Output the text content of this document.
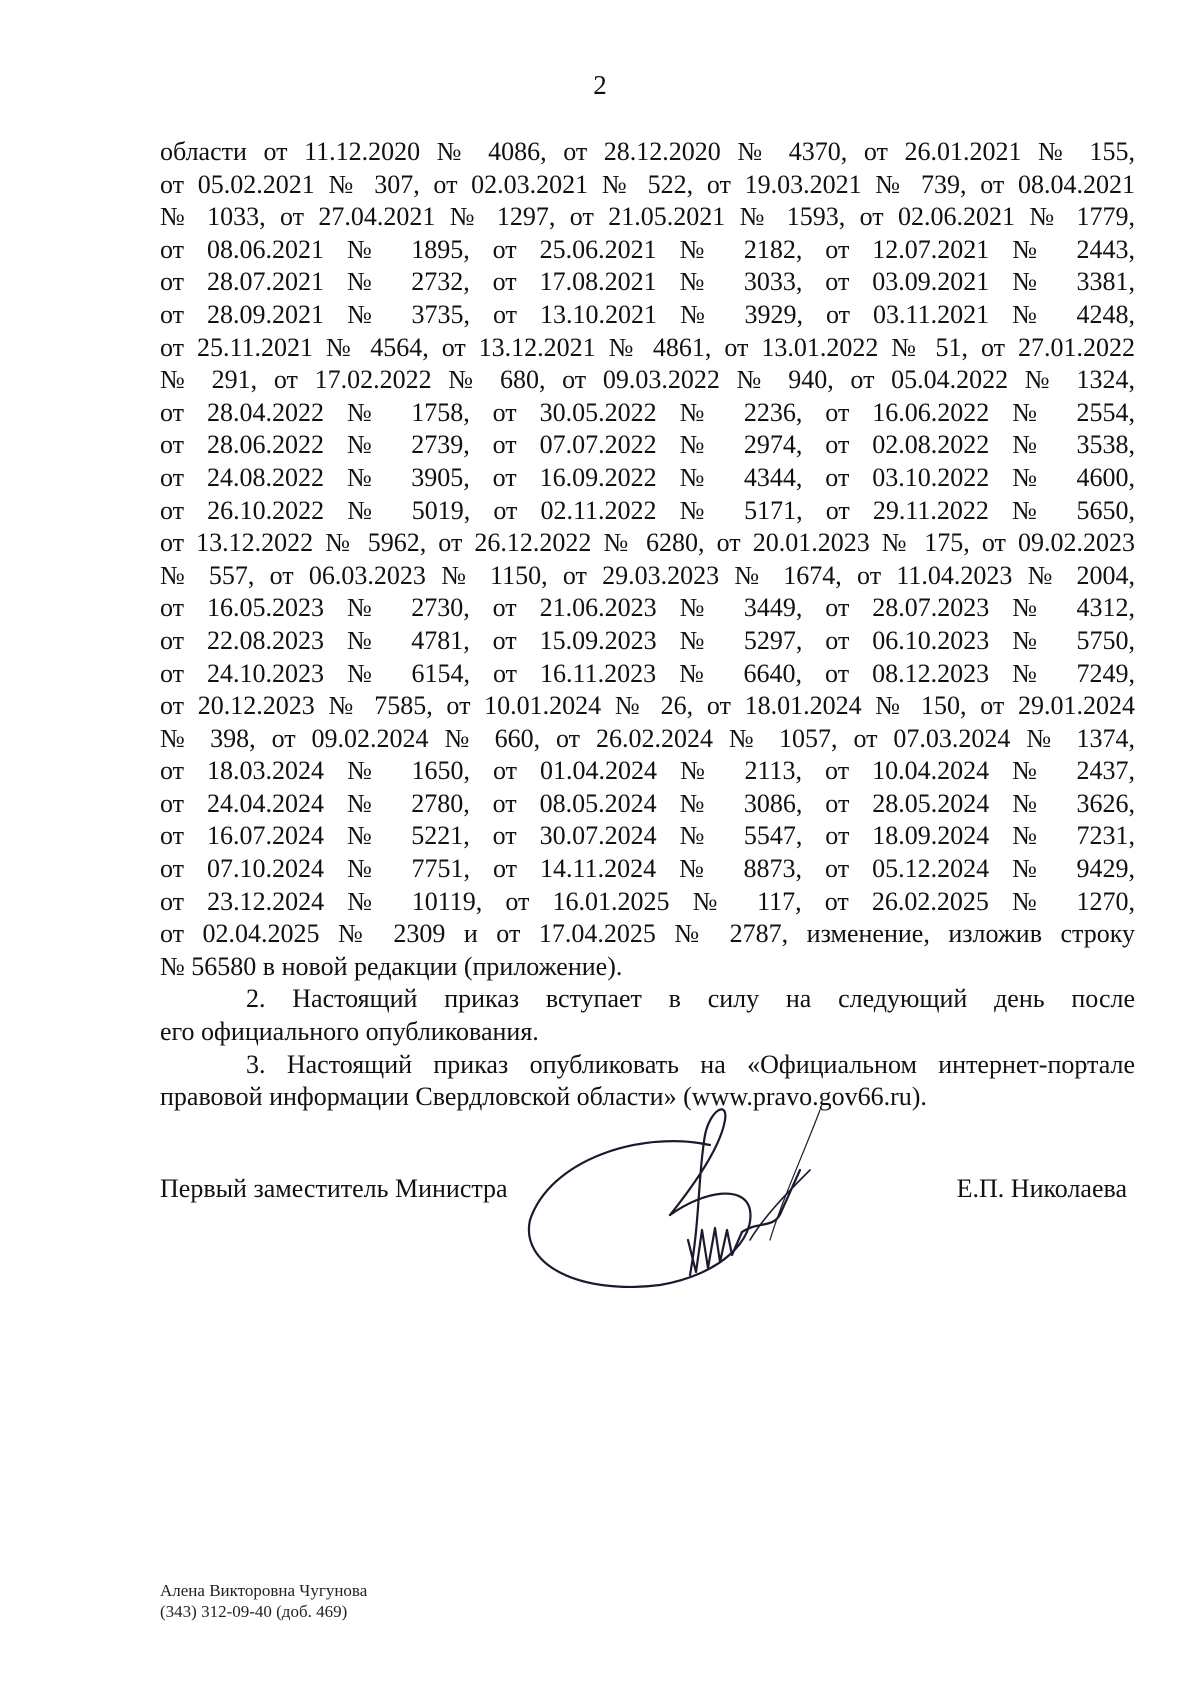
2
области от 11.12.2020 № 4086, от 28.12.2020 № 4370, от 26.01.2021 № 155,
от 05.02.2021 № 307, от 02.03.2021 № 522, от 19.03.2021 № 739, от 08.04.2021
№ 1033, от 27.04.2021 № 1297, от 21.05.2021 № 1593, от 02.06.2021 № 1779,
от 08.06.2021 № 1895, от 25.06.2021 № 2182, от 12.07.2021 № 2443,
от 28.07.2021 № 2732, от 17.08.2021 № 3033, от 03.09.2021 № 3381,
от 28.09.2021 № 3735, от 13.10.2021 № 3929, от 03.11.2021 № 4248,
от 25.11.2021 № 4564, от 13.12.2021 № 4861, от 13.01.2022 № 51, от 27.01.2022
№ 291, от 17.02.2022 № 680, от 09.03.2022 № 940, от 05.04.2022 № 1324,
от 28.04.2022 № 1758, от 30.05.2022 № 2236, от 16.06.2022 № 2554,
от 28.06.2022 № 2739, от 07.07.2022 № 2974, от 02.08.2022 № 3538,
от 24.08.2022 № 3905, от 16.09.2022 № 4344, от 03.10.2022 № 4600,
от 26.10.2022 № 5019, от 02.11.2022 № 5171, от 29.11.2022 № 5650,
от 13.12.2022 № 5962, от 26.12.2022 № 6280, от 20.01.2023 № 175, от 09.02.2023
№ 557, от 06.03.2023 № 1150, от 29.03.2023 № 1674, от 11.04.2023 № 2004,
от 16.05.2023 № 2730, от 21.06.2023 № 3449, от 28.07.2023 № 4312,
от 22.08.2023 № 4781, от 15.09.2023 № 5297, от 06.10.2023 № 5750,
от 24.10.2023 № 6154, от 16.11.2023 № 6640, от 08.12.2023 № 7249,
от 20.12.2023 № 7585, от 10.01.2024 № 26, от 18.01.2024 № 150, от 29.01.2024
№ 398, от 09.02.2024 № 660, от 26.02.2024 № 1057, от 07.03.2024 № 1374,
от 18.03.2024 № 1650, от 01.04.2024 № 2113, от 10.04.2024 № 2437,
от 24.04.2024 № 2780, от 08.05.2024 № 3086, от 28.05.2024 № 3626,
от 16.07.2024 № 5221, от 30.07.2024 № 5547, от 18.09.2024 № 7231,
от 07.10.2024 № 7751, от 14.11.2024 № 8873, от 05.12.2024 № 9429,
от 23.12.2024 № 10119, от 16.01.2025 № 117, от 26.02.2025 № 1270,
от 02.04.2025 № 2309 и от 17.04.2025 № 2787, изменение, изложив строку
№ 56580 в новой редакции (приложение).
2. Настоящий приказ вступает в силу на следующий день после
его официального опубликования.
3. Настоящий приказ опубликовать на «Официальном интернет-портале
правовой информации Свердловской области» (www.pravo.gov66.ru).
Первый заместитель Министра	Е.П. Николаева
Алена Викторовна Чугунова
(343) 312-09-40 (доб. 469)
